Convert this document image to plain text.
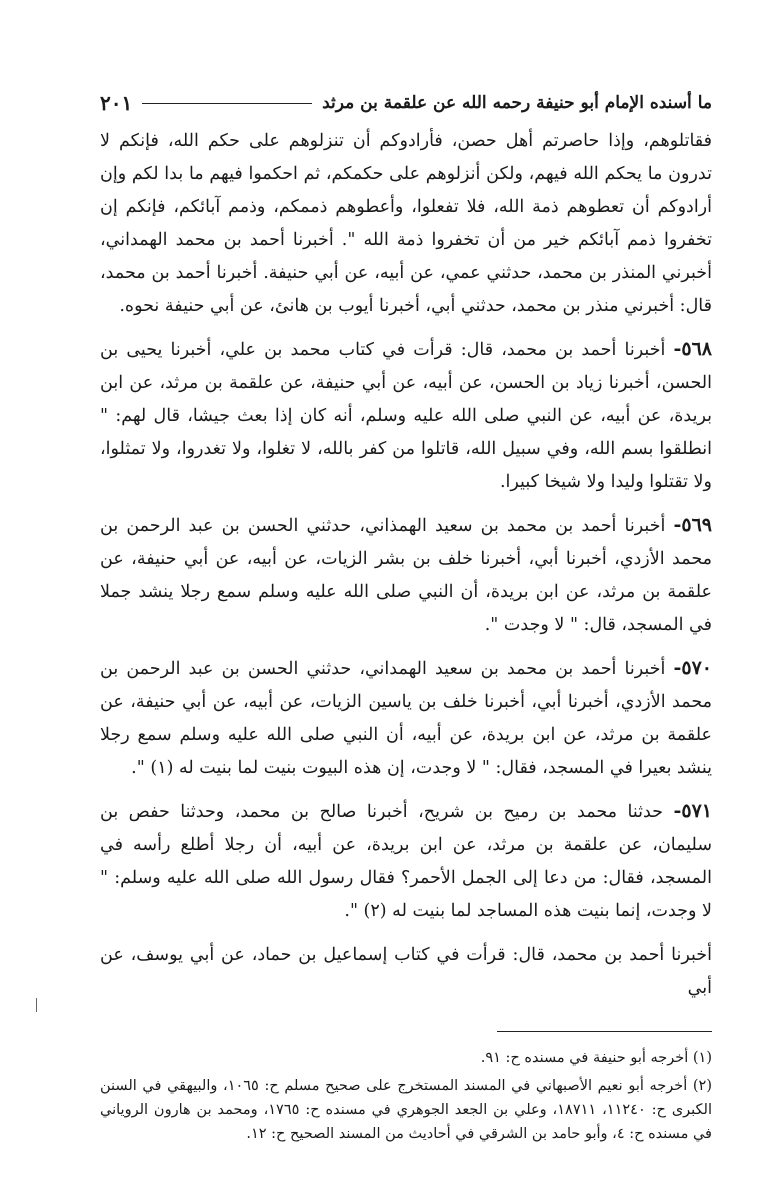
ما أسنده الإمام أبو حنيفة رحمه الله عن علقمة بن مرثد
٢٠١

فقاتلوهم، وإذا حاصرتم أهل حصن، فأرادوكم أن تنزلوهم على حكم الله، فإنكم لا تدرون ما يحكم الله فيهم، ولكن أنزلوهم على حكمكم، ثم احكموا فيهم ما بدا لكم وإن أرادوكم أن تعطوهم ذمة الله، فلا تفعلوا، وأعطوهم ذممكم، وذمم آبائكم، فإنكم إن تخفروا ذمم آبائكم خير من أن تخفروا ذمة الله ". أخبرنا أحمد بن محمد الهمداني، أخبرني المنذر بن محمد، حدثني عمي، عن أبيه، عن أبي حنيفة. أخبرنا أحمد بن محمد، قال: أخبرني منذر بن محمد، حدثني أبي، أخبرنا أيوب بن هانئ، عن أبي حنيفة نحوه.

٥٦٨- أخبرنا أحمد بن محمد، قال: قرأت في كتاب محمد بن علي، أخبرنا يحيى بن الحسن، أخبرنا زياد بن الحسن، عن أبيه، عن أبي حنيفة، عن علقمة بن مرثد، عن ابن بريدة، عن أبيه، عن النبي صلى الله عليه وسلم، أنه كان إذا بعث جيشا، قال لهم: " انطلقوا بسم الله، وفي سبيل الله، قاتلوا من كفر بالله، لا تغلوا، ولا تغدروا، ولا تمثلوا، ولا تقتلوا وليدا ولا شيخا كبيرا.

٥٦٩- أخبرنا أحمد بن محمد بن سعيد الهمذاني، حدثني الحسن بن عبد الرحمن بن محمد الأزدي، أخبرنا أبي، أخبرنا خلف بن بشر الزيات، عن أبيه، عن أبي حنيفة، عن علقمة بن مرثد، عن ابن بريدة، أن النبي صلى الله عليه وسلم سمع رجلا ينشد جملا في المسجد، قال: " لا وجدت ".

٥٧٠- أخبرنا أحمد بن محمد بن سعيد الهمداني، حدثني الحسن بن عبد الرحمن بن محمد الأزدي، أخبرنا أبي، أخبرنا خلف بن ياسين الزيات، عن أبيه، عن أبي حنيفة، عن علقمة بن مرثد، عن ابن بريدة، عن أبيه، أن النبي صلى الله عليه وسلم سمع رجلا ينشد بعيرا في المسجد، فقال: " لا وجدت، إن هذه البيوت بنيت لما بنيت له (١) ".

٥٧١- حدثنا محمد بن رميح بن شريح، أخبرنا صالح بن محمد، وحدثنا حفص بن سليمان، عن علقمة بن مرثد، عن ابن بريدة، عن أبيه، أن رجلا أطلع رأسه في المسجد، فقال: من دعا إلى الجمل الأحمر؟ فقال رسول الله صلى الله عليه وسلم: " لا وجدت، إنما بنيت هذه المساجد لما بنيت له (٢) ".

أخبرنا أحمد بن محمد، قال: قرأت في كتاب إسماعيل بن حماد، عن أبي يوسف، عن أبي

(١) أخرجه أبو حنيفة في مسنده ح: ٩١.

(٢) أخرجه أبو نعيم الأصبهاني في المسند المستخرج على صحيح مسلم ح: ١٠٦٥، والبيهقي في السنن الكبرى ح: ١١٢٤٠، ١٨٧١١، وعلي بن الجعد الجوهري في مسنده ح: ١٧٦٥، ومحمد بن هارون الروياني في مسنده ح: ٤، وأبو حامد بن الشرقي في أحاديث من المسند الصحيح ح: ١٢.
